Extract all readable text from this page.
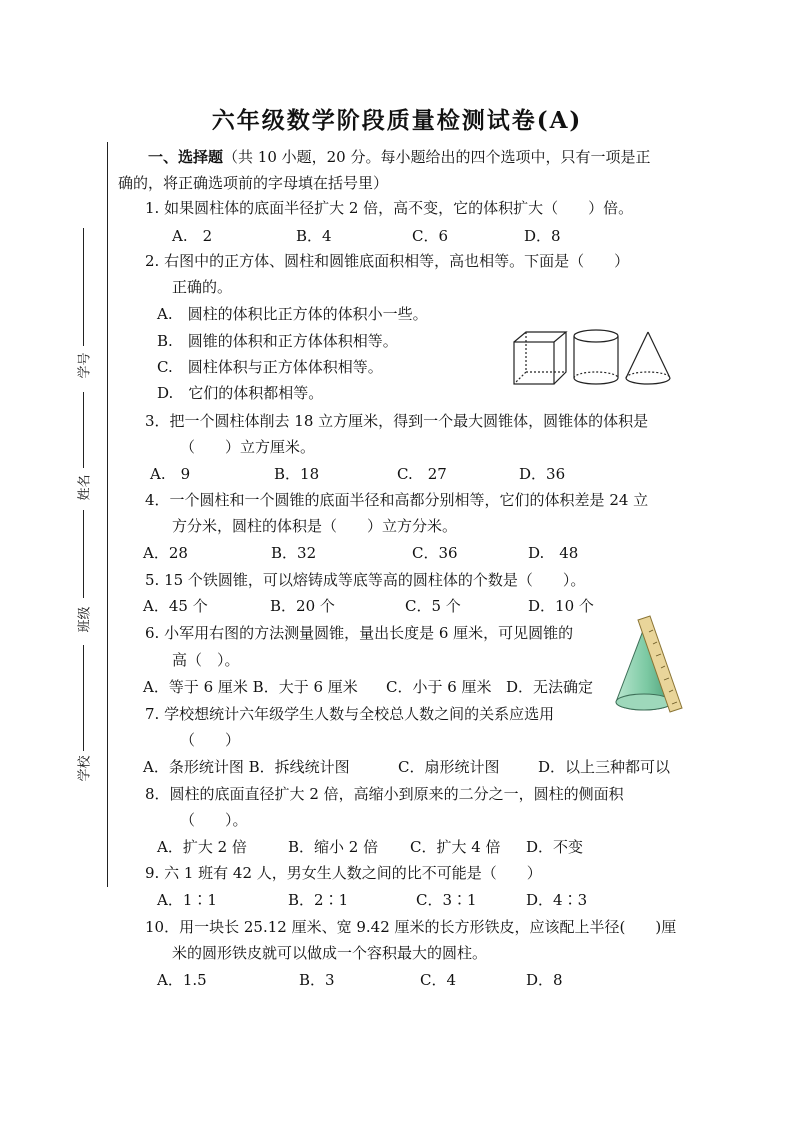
六年级数学阶段质量检测试卷(A)
学号
姓名
班级
学校
一、选择题（共 10 小题，20 分。每小题给出的四个选项中，只有一项是正
确的，将正确选项前的字母填在括号里）
1. 如果圆柱体的底面半径扩大 2 倍，高不变，它的体积扩大（　　）倍。
A.　2	B．4	C．6	D．8
2. 右图中的正方体、圆柱和圆锥底面积相等，高也相等。下面是（　　）
正确的。
A.　圆柱的体积比正方体的体积小一些。
B.　圆锥的体积和正方体体积相等。
C.　圆柱体积与正方体体积相等。
D.　它们的体积都相等。
3．把一个圆柱体削去 18 立方厘米，得到一个最大圆锥体，圆锥体的体积是
（　　）立方厘米。
A.　9	B．18	C.　27	D．36
4．一个圆柱和一个圆锥的底面半径和高都分别相等，它们的体积差是 24 立
方分米，圆柱的体积是（　　）立方分米。
A．28	B．32	C．36	D.　48
5. 15 个铁圆锥，可以熔铸成等底等高的圆柱体的个数是（　　）。
A．45 个	B．20 个	C．5 个	D．10 个
6. 小军用右图的方法测量圆锥，量出长度是 6 厘米，可见圆锥的
高（　）。
A．等于 6 厘米 B．大于 6 厘米 C．小于 6 厘米 D．无法确定
7. 学校想统计六年级学生人数与全校总人数之间的关系应选用
（　　）
A．条形统计图 B．拆线统计图	C．扇形统计图	D．以上三种都可以
8．圆柱的底面直径扩大 2 倍，高缩小到原来的二分之一，圆柱的侧面积
（　　）。
A．扩大 2 倍	B．缩小 2 倍 C．扩大 4 倍 D．不变
9. 六 1 班有 42 人，男女生人数之间的比不可能是（　　）
A．1∶1	B．2∶1	C．3∶1	D．4∶3
10．用一块长 25.12 厘米、宽 9.42 厘米的长方形铁皮，应该配上半径(　　)厘
米的圆形铁皮就可以做成一个容积最大的圆柱。
A．1.5	B．3	C．4	D．8
